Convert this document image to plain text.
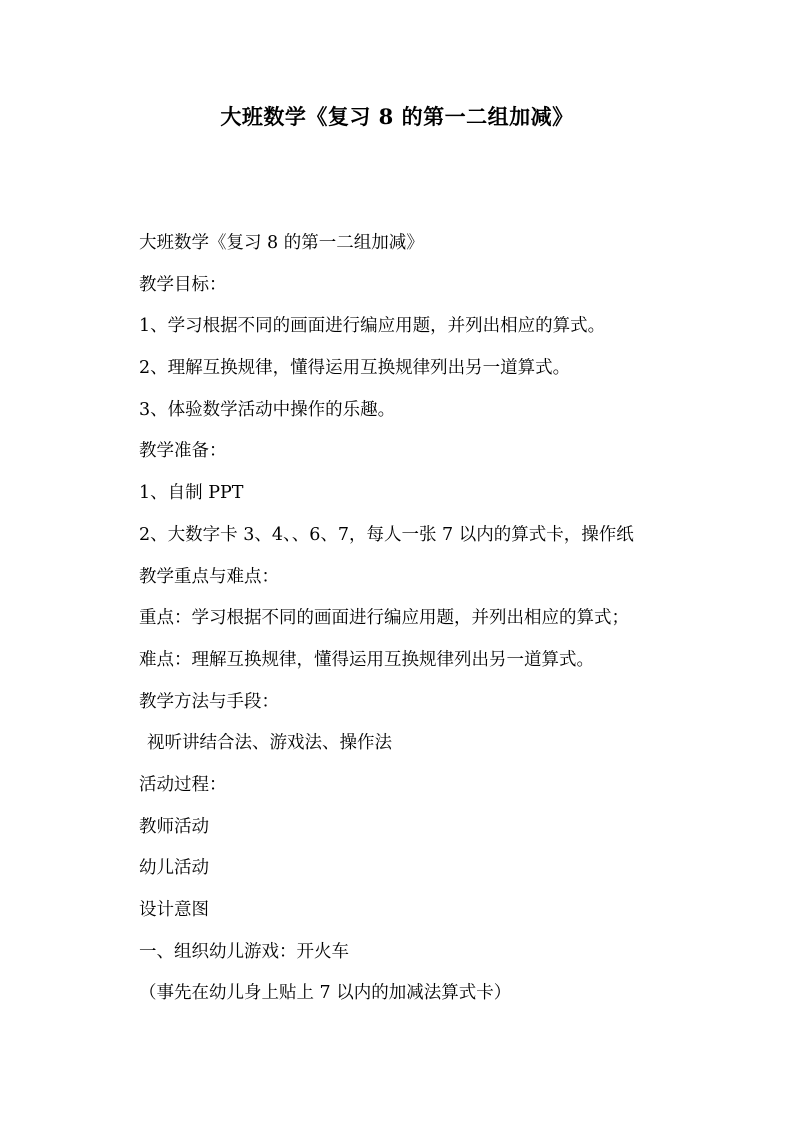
大班数学《复习 8 的第一二组加减》
大班数学《复习 8 的第一二组加减》
教学目标：
1、学习根据不同的画面进行编应用题，并列出相应的算式。
2、理解互换规律，懂得运用互换规律列出另一道算式。
3、体验数学活动中操作的乐趣。
教学准备：
1、自制 PPT
2、大数字卡 3、4、、6、7，每人一张 7 以内的算式卡，操作纸
教学重点与难点：
重点：学习根据不同的画面进行编应用题，并列出相应的算式；
难点：理解互换规律，懂得运用互换规律列出另一道算式。
教学方法与手段：
视听讲结合法、游戏法、操作法
活动过程：
教师活动
幼儿活动
设计意图
一、组织幼儿游戏：开火车
（事先在幼儿身上贴上 7 以内的加减法算式卡）
